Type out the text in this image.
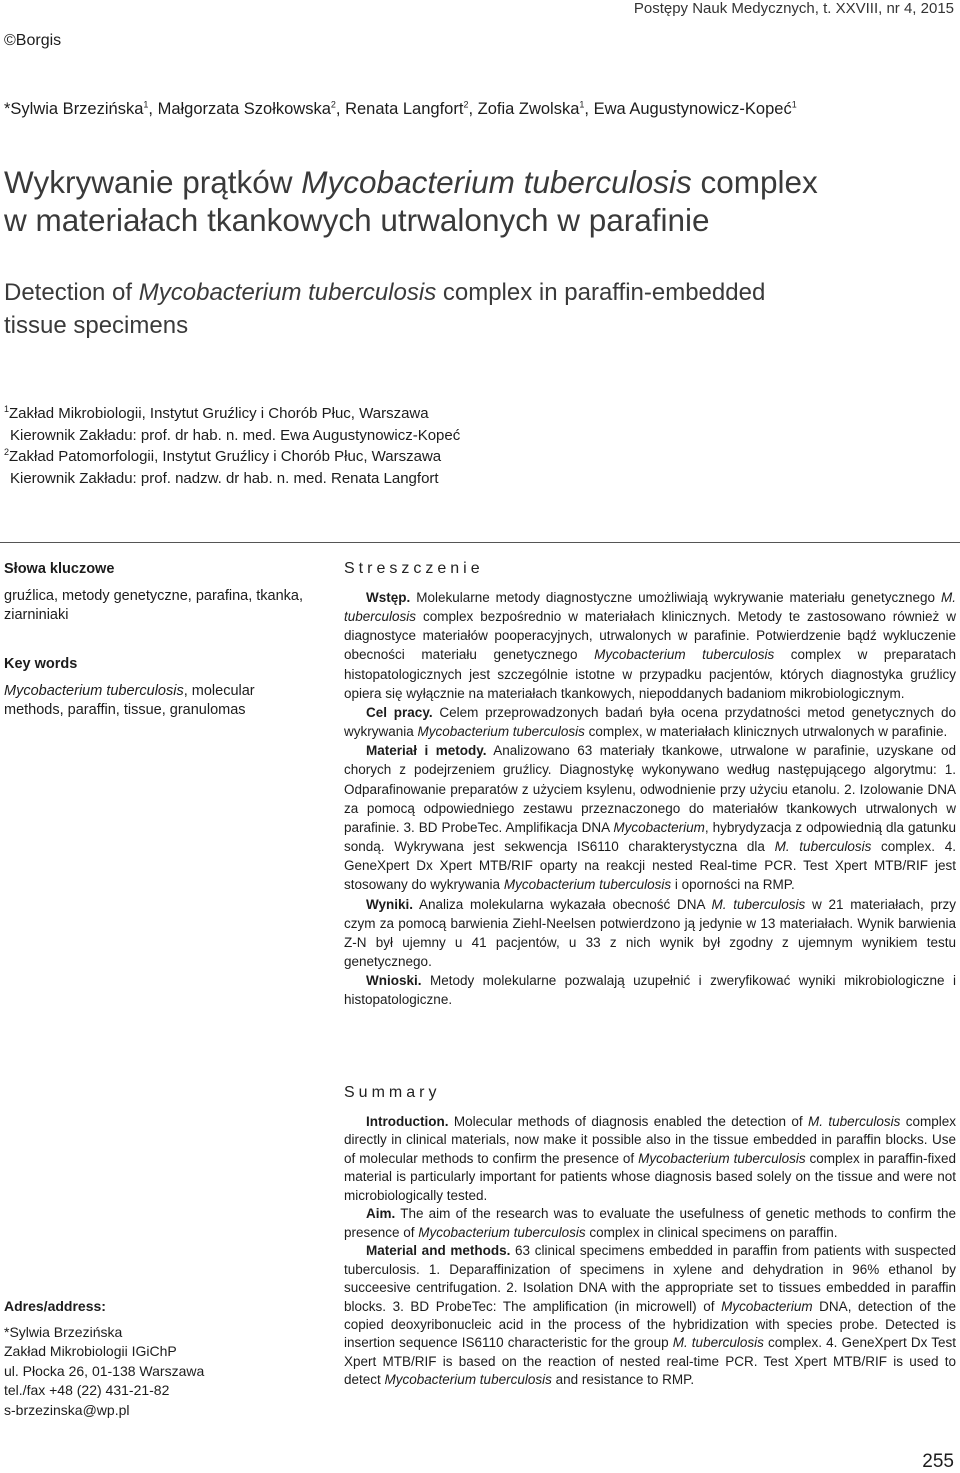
Postępy Nauk Medycznych, t. XXVIII, nr 4, 2015
©Borgis
*Sylwia Brzezińska$^1$, Małgorzata Szołkowska$^2$, Renata Langfort$^2$, Zofia Zwolska$^1$, Ewa Augustynowicz-Kopeć$^1$
Wykrywanie prątków Mycobacterium tuberculosis complex
w materiałach tkankowych utrwalonych w parafinie
Detection of Mycobacterium tuberculosis complex in paraffin-embedded
tissue specimens
$^1$Zakład Mikrobiologii, Instytut Gruźlicy i Chorób Płuc, Warszawa
Kierownik Zakładu: prof. dr hab. n. med. Ewa Augustynowicz-Kopeć
$^2$Zakład Patomorfologii, Instytut Gruźlicy i Chorób Płuc, Warszawa
Kierownik Zakładu: prof. nadzw. dr hab. n. med. Renata Langfort
Słowa kluczowe
gruźlica, metody genetyczne, parafina, tkanka, ziarniniaki
Key words
Mycobacterium tuberculosis, molecular methods, paraffin, tissue, granulomas
Streszczenie

Wstęp. Molekularne metody diagnostyczne umożliwiają wykrywanie materiału genetycznego M. tuberculosis complex bezpośrednio w materiałach klinicznych. Metody te zastosowano również w diagnostyce materiałów pooperacyjnych, utrwalonych w parafinie. Potwierdzenie bądź wykluczenie obecności materiału genetycznego Mycobacterium tuberculosis complex w preparatach histopatologicznych jest szczególnie istotne w przypadku pacjentów, których diagnostyka gruźlicy opiera się wyłącznie na materiałach tkankowych, niepoddanych badaniom mikrobiologicznym.

Cel pracy. Celem przeprowadzonych badań była ocena przydatności metod genetycznych do wykrywania Mycobacterium tuberculosis complex, w materiałach klinicznych utrwalonych w parafinie.

Materiał i metody. Analizowano 63 materiały tkankowe, utrwalone w parafinie, uzyskane od chorych z podejrzeniem gruźlicy. Diagnostykę wykonywano według następującego algorytmu: 1. Odparafinowanie preparatów z użyciem ksylenu, odwodnienie przy użyciu etanolu. 2. Izolowanie DNA za pomocą odpowiedniego zestawu przeznaczonego do materiałów tkankowych utrwalonych w parafinie. 3. BD ProbeTec. Amplifikacja DNA Mycobacterium, hybrydyzacja z odpowiednią dla gatunku sondą. Wykrywana jest sekwencja IS6110 charakterystyczna dla M. tuberculosis complex. 4. GeneXpert Dx Xpert MTB/RIF oparty na reakcji nested Real-time PCR. Test Xpert MTB/RIF jest stosowany do wykrywania Mycobacterium tuberculosis i oporności na RMP.

Wyniki. Analiza molekularna wykazała obecność DNA M. tuberculosis w 21 materiałach, przy czym za pomocą barwienia Ziehl-Neelsen potwierdzono ją jedynie w 13 materiałach. Wynik barwienia Z-N był ujemny u 41 pacjentów, u 33 z nich wynik był zgodny z ujemnym wynikiem testu genetycznego.

Wnioski. Metody molekularne pozwalają uzupełnić i zweryfikować wyniki mikrobiologiczne i histopatologiczne.

Summary

Introduction. Molecular methods of diagnosis enabled the detection of M. tuberculosis complex directly in clinical materials, now make it possible also in the tissue embedded in paraffin blocks. Use of molecular methods to confirm the presence of Mycobacterium tuberculosis complex in paraffin-fixed material is particularly important for patients whose diagnosis based solely on the tissue and were not microbiologically tested.

Aim. The aim of the research was to evaluate the usefulness of genetic methods to confirm the presence of Mycobacterium tuberculosis complex in clinical specimens on paraffin.

Material and methods. 63 clinical specimens embedded in paraffin from patients with suspected tuberculosis. 1. Deparaffinization of specimens in xylene and dehydration in 96% ethanol by succeesive centrifugation. 2. Isolation DNA with the appropriate set to tissues embedded in paraffin blocks. 3. BD ProbeTec: The amplification (in microwell) of Mycobacterium DNA, detection of the copied deoxyribonucleic acid in the process of the hybridization with species probe. Detected is insertion sequence IS6110 characteristic for the group M. tuberculosis complex. 4. GeneXpert Dx Test Xpert MTB/RIF is based on the reaction of nested real-time PCR. Test Xpert MTB/RIF is used to detect Mycobacterium tuberculosis and resistance to RMP.

Adres/address:
*Sylwia Brzezińska
Zakład Mikrobiologii IGiChP
ul. Płocka 26, 01-138 Warszawa
tel./fax +48 (22) 431-21-82
s-brzezinska@wp.pl
255
